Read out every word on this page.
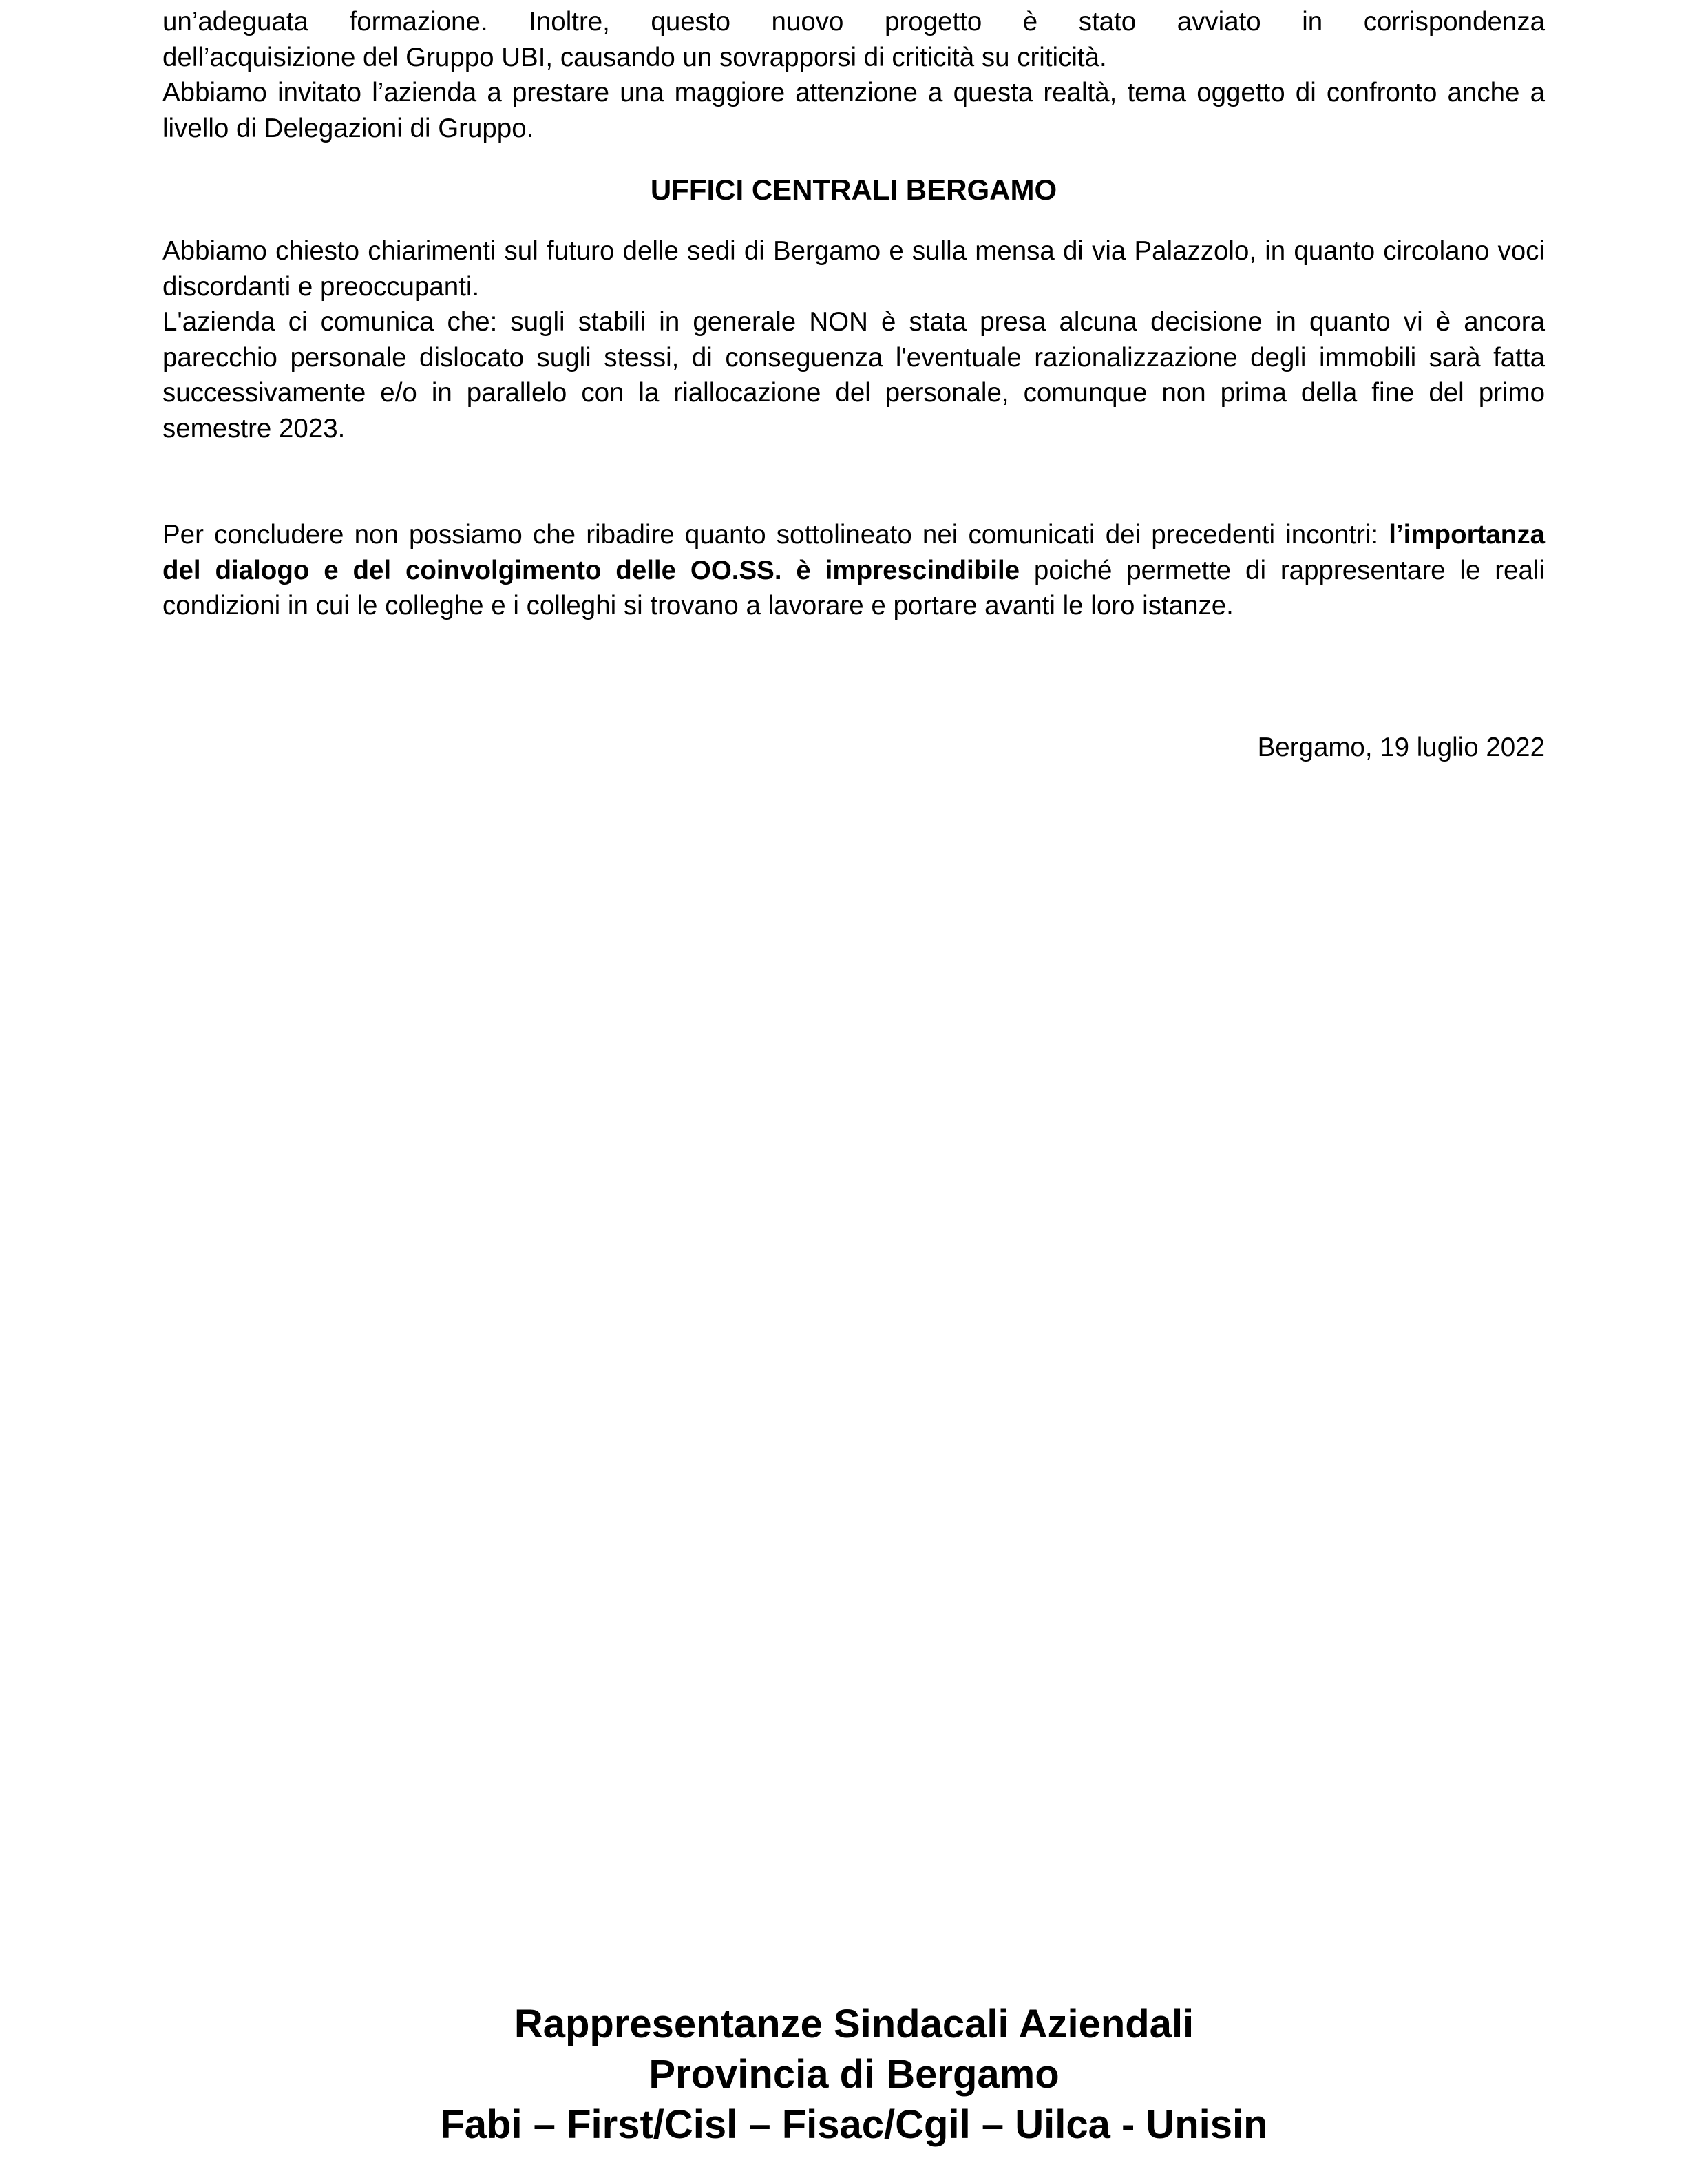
un’adeguata formazione. Inoltre, questo nuovo progetto è stato avviato in corrispondenza

dell’acquisizione del Gruppo UBI, causando un sovrapporsi di criticità su criticità.

Abbiamo invitato l’azienda a prestare una maggiore attenzione a questa realtà, tema oggetto di confronto anche a livello di Delegazioni di Gruppo.

UFFICI CENTRALI BERGAMO

Abbiamo chiesto chiarimenti sul futuro delle sedi di Bergamo e sulla mensa di via Palazzolo, in quanto circolano voci discordanti e preoccupanti.

L'azienda ci comunica che: sugli stabili in generale NON è stata presa alcuna decisione in quanto vi è ancora parecchio personale dislocato sugli stessi, di conseguenza l'eventuale razionalizzazione degli immobili sarà fatta successivamente e/o in parallelo con la riallocazione del personale, comunque non prima della fine del primo semestre 2023.

Per concludere non possiamo che ribadire quanto sottolineato nei comunicati dei precedenti incontri: l’importanza del dialogo e del coinvolgimento delle OO.SS. è imprescindibile poiché permette di rappresentare le reali condizioni in cui le colleghe e i colleghi si trovano a lavorare e portare avanti le loro istanze.

Bergamo, 19 luglio 2022

Rappresentanze Sindacali Aziendali
Provincia di Bergamo
Fabi – First/Cisl – Fisac/Cgil – Uilca - Unisin
